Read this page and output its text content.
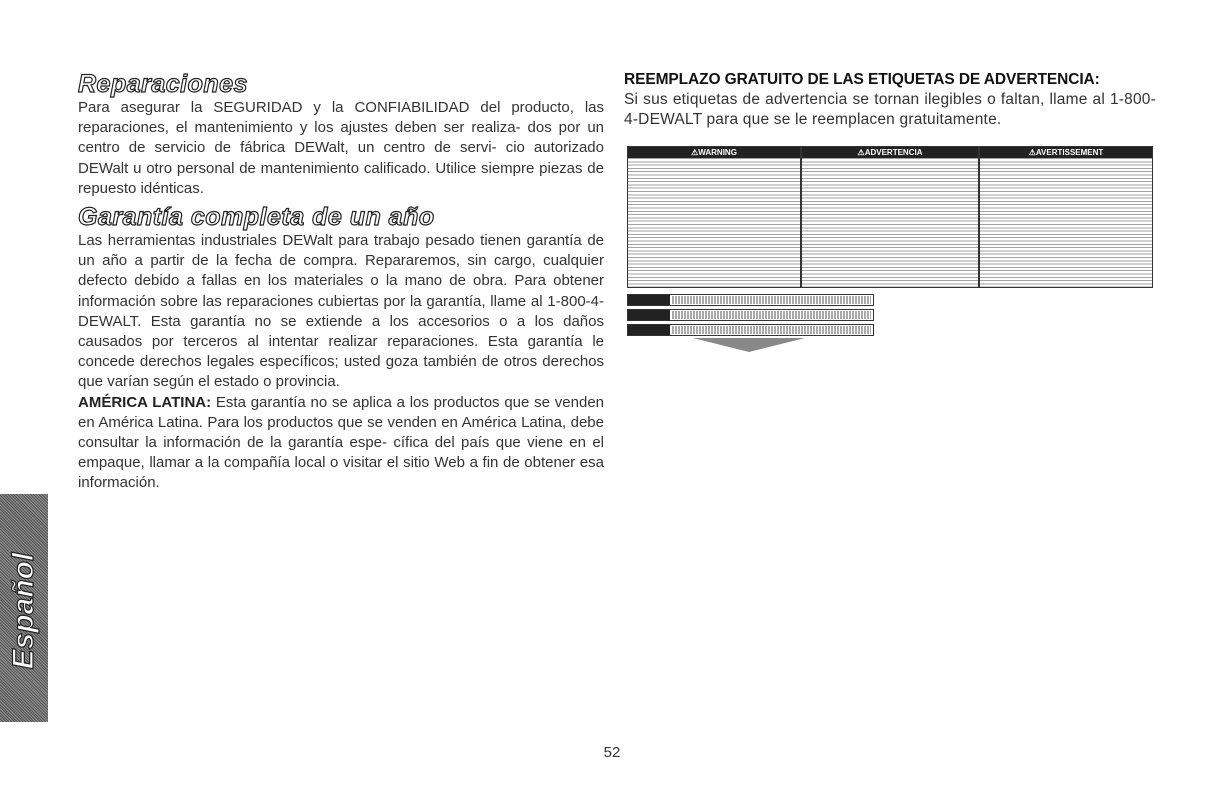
Reparaciones

Para asegurar la SEGURIDAD y la CONFIABILIDAD del producto, las reparaciones, el mantenimiento y los ajustes deben ser realiza- dos por un centro de servicio de fábrica DEWalt, un centro de servi- cio autorizado DEWalt u otro personal de mantenimiento calificado. Utilice siempre piezas de repuesto idénticas.

Garantía completa de un año

Las herramientas industriales DEWalt para trabajo pesado tienen garantía de un año a partir de la fecha de compra. Repararemos, sin cargo, cualquier defecto debido a fallas en los materiales o la mano de obra. Para obtener información sobre las reparaciones cubiertas por la garantía, llame al 1-800-4-DEWALT. Esta garantía no se extiende a los accesorios o a los daños causados por terceros al intentar realizar reparaciones. Esta garantía le concede derechos legales específicos; usted goza también de otros derechos que varían según el estado o provincia.

AMÉRICA LATINA: Esta garantía no se aplica a los productos que se venden en América Latina. Para los productos que se venden en América Latina, debe consultar la información de la garantía espe- cífica del país que viene en el empaque, llamar a la compañía local o visitar el sitio Web a fin de obtener esa información.

REEMPLAZO GRATUITO DE LAS ETIQUETAS DE ADVERTENCIA:

Si sus etiquetas de advertencia se tornan ilegibles o faltan, llame al 1-800-4-DEWALT para que se le reemplacen gratuitamente.

⚠WARNING	⚠ADVERTENCIA	⚠AVERTISSEMENT
Español
52
